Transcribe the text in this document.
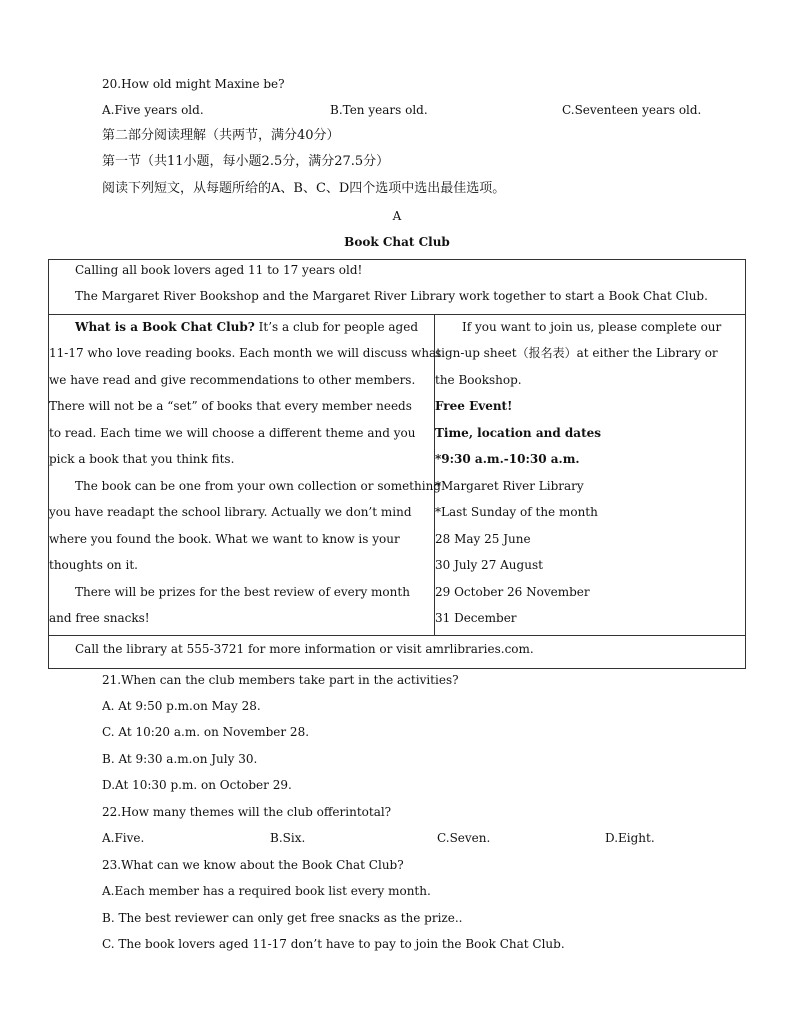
20.How old might Maxine be?
A.Five years old.	B.Ten years old.	C.Seventeen years old.
第二部分阅读理解（共两节，满分40分）
第一节（共11小题，每小题2.5分，满分27.5分）
阅读下列短文，从每题所给的A、B、C、D四个选项中选出最佳选项。
A
Book Chat Club
Calling all book lovers aged 11 to 17 years old!
The Margaret River Bookshop and the Margaret River Library work together to start a Book Chat Club.
What is a Book Chat Club? It’s a club for people aged
11-17 who love reading books. Each month we will discuss what
we have read and give recommendations to other members.
There will not be a “set” of books that every member needs
to read. Each time we will choose a different theme and you
pick a book that you think fits.
The book can be one from your own collection or something
you have readapt the school library. Actually we don’t mind
where you found the book. What we want to know is your
thoughts on it.
There will be prizes for the best review of every month
and free snacks!
If you want to join us, please complete our
sign-up sheet（报名表）at either the Library or
the Bookshop.
Free Event!
Time, location and dates
*9:30 a.m.-10:30 a.m.
*Margaret River Library
*Last Sunday of the month
28 May 25 June
30 July 27 August
29 October 26 November
31 December
Call the library at 555-3721 for more information or visit amrlibraries.com.
21.When can the club members take part in the activities?
A. At 9:50 p.m.on May 28.
C. At 10:20 a.m. on November 28.
B. At 9:30 a.m.on July 30.
D.At 10:30 p.m. on October 29.
22.How many themes will the club offerintotal?
A.Five.	B.Six.	C.Seven.	D.Eight.
23.What can we know about the Book Chat Club?
A.Each member has a required book list every month.
B. The best reviewer can only get free snacks as the prize..
C. The book lovers aged 11-17 don’t have to pay to join the Book Chat Club.
